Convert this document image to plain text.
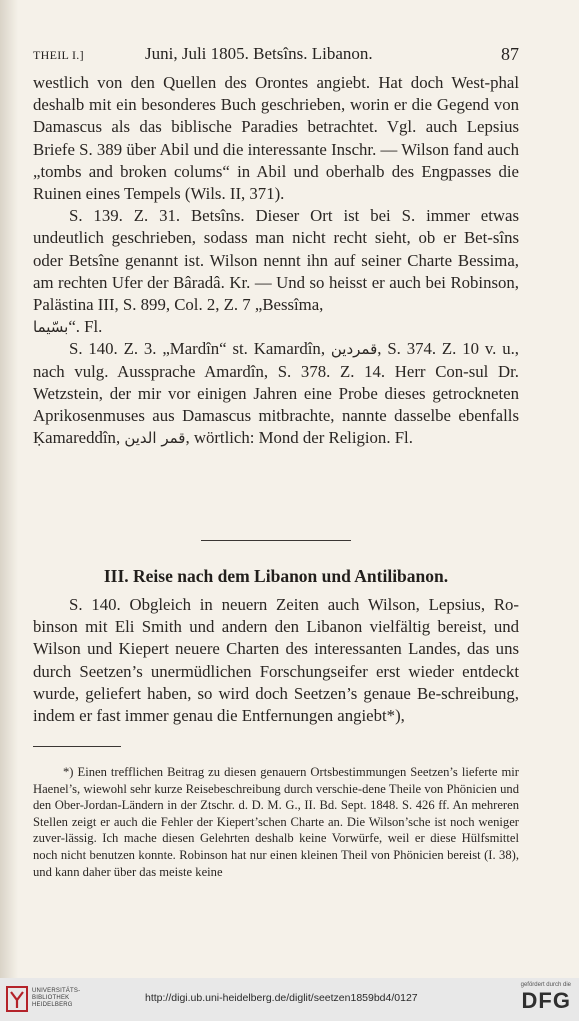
THEIL I.]	Juni, Juli 1805. Betsîns. Libanon.	87

westlich von den Quellen des Orontes angiebt. Hat doch West-phal deshalb mit ein besonderes Buch geschrieben, worin er die Gegend von Damascus als das biblische Paradies betrachtet. Vgl. auch Lepsius Briefe S. 389 über Abil und die interessante Inschr. — Wilson fand auch „tombs and broken colums“ in Abil und oberhalb des Engpasses die Ruinen eines Tempels (Wils. II, 371).

S. 139. Z. 31. Betsîns. Dieser Ort ist bei S. immer etwas undeutlich geschrieben, sodass man nicht recht sieht, ob er Bet-sîns oder Betsîne genannt ist. Wilson nennt ihn auf seiner Charte Bessima, am rechten Ufer der Bâradâ. Kr. — Und so heisst er auch bei Robinson, Palästina III, S. 899, Col. 2, Z. 7 „Bessîma,
بسّيما“. Fl.

S. 140. Z. 3. „Mardîn“ st. Kamardîn, قمردين, S. 374. Z. 10 v. u., nach vulg. Aussprache Amardîn, S. 378. Z. 14. Herr Con-sul Dr. Wetzstein, der mir vor einigen Jahren eine Probe dieses getrockneten Aprikosenmuses aus Damascus mitbrachte, nannte dasselbe ebenfalls Ḳamareddîn, قمر الدين, wörtlich: Mond der Religion. Fl.

III. Reise nach dem Libanon und Antilibanon.

S. 140. Obgleich in neuern Zeiten auch Wilson, Lepsius, Ro-binson mit Eli Smith und andern den Libanon vielfältig bereist, und Wilson und Kiepert neuere Charten des interessanten Landes, das uns durch Seetzen’s unermüdlichen Forschungseifer erst wieder entdeckt wurde, geliefert haben, so wird doch Seetzen’s genaue Be-schreibung, indem er fast immer genau die Entfernungen angiebt*),

*) Einen trefflichen Beitrag zu diesen genauern Ortsbestimmungen Seetzen’s lieferte mir Haenel’s, wiewohl sehr kurze Reisebeschreibung durch verschie-dene Theile von Phönicien und den Ober-Jordan-Ländern in der Ztschr. d. D. M. G., II. Bd. Sept. 1848. S. 426 ff. An mehreren Stellen zeigt er auch die Fehler der Kiepert’schen Charte an. Die Wilson’sche ist noch weniger zuver-lässig. Ich mache diesen Gelehrten deshalb keine Vorwürfe, weil er diese Hülfsmittel noch nicht benutzen konnte. Robinson hat nur einen kleinen Theil von Phönicien bereist (I. 38), und kann daher über das meiste keine

UNIVERSITÄTS-
BIBLIOTHEK
HEIDELBERG
http://digi.ub.uni-heidelberg.de/diglit/seetzen1859bd4/0127
gefördert durch die
DFG
